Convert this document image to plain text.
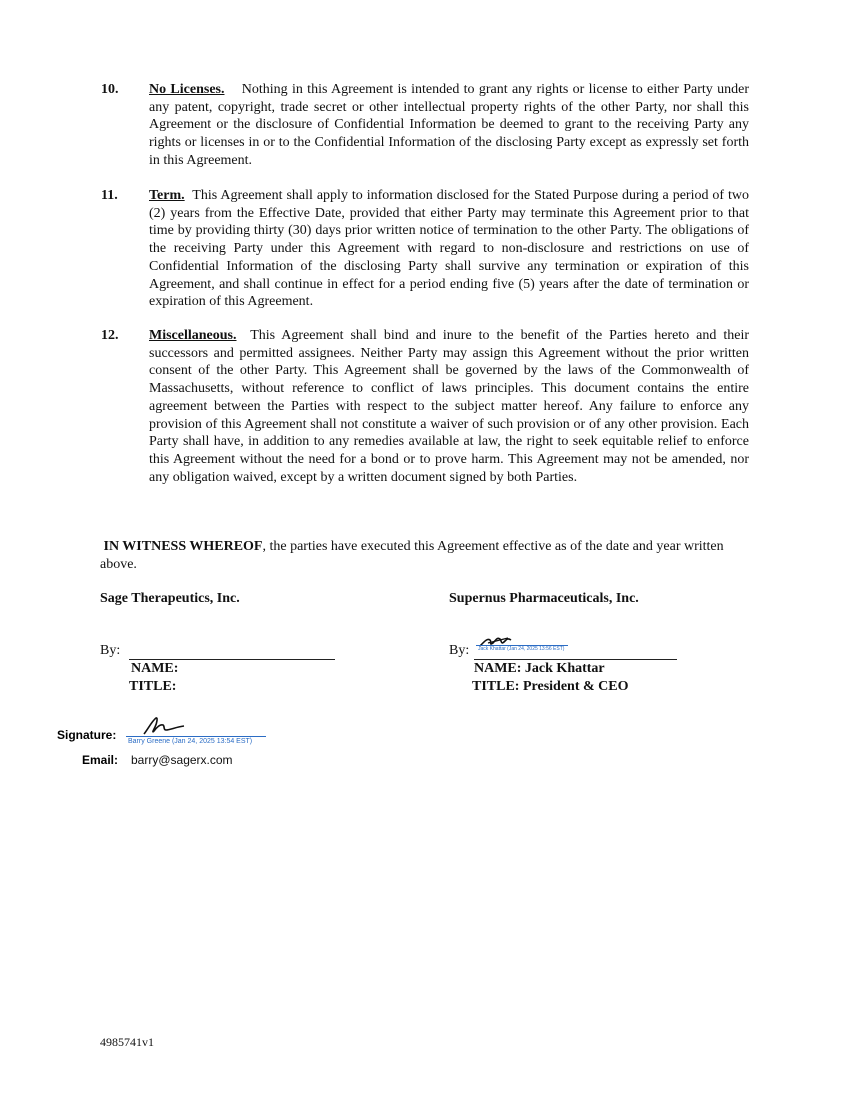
10. No Licenses. Nothing in this Agreement is intended to grant any rights or license to either Party under any patent, copyright, trade secret or other intellectual property rights of the other Party, nor shall this Agreement or the disclosure of Confidential Information be deemed to grant to the receiving Party any rights or licenses in or to the Confidential Information of the disclosing Party except as expressly set forth in this Agreement.

11. Term. This Agreement shall apply to information disclosed for the Stated Purpose during a period of two (2) years from the Effective Date, provided that either Party may terminate this Agreement prior to that time by providing thirty (30) days prior written notice of termination to the other Party. The obligations of the receiving Party under this Agreement with regard to non-disclosure and restrictions on use of Confidential Information of the disclosing Party shall survive any termination or expiration of this Agreement, and shall continue in effect for a period ending five (5) years after the date of termination or expiration of this Agreement.

12. Miscellaneous. This Agreement shall bind and inure to the benefit of the Parties hereto and their successors and permitted assignees. Neither Party may assign this Agreement without the prior written consent of the other Party. This Agreement shall be governed by the laws of the Commonwealth of Massachusetts, without reference to conflict of laws principles. This document contains the entire agreement between the Parties with respect to the subject matter hereof. Any failure to enforce any provision of this Agreement shall not constitute a waiver of such provision or of any other provision. Each Party shall have, in addition to any remedies available at law, the right to seek equitable relief to enforce this Agreement without the need for a bond or to prove harm. This Agreement may not be amended, nor any obligation waived, except by a written document signed by both Parties.

IN WITNESS WHEREOF, the parties have executed this Agreement effective as of the date and year written above.

Sage Therapeutics, Inc.	Supernus Pharmaceuticals, Inc.
By:
NAME:
TITLE:
By: Jack Khattar (Jan 24, 2025 13:56 EST)
NAME: Jack Khattar
TITLE: President & CEO
Signature: Barry Greene (Jan 24, 2025 13:54 EST)
Email: barry@sagerx.com
4985741v1
